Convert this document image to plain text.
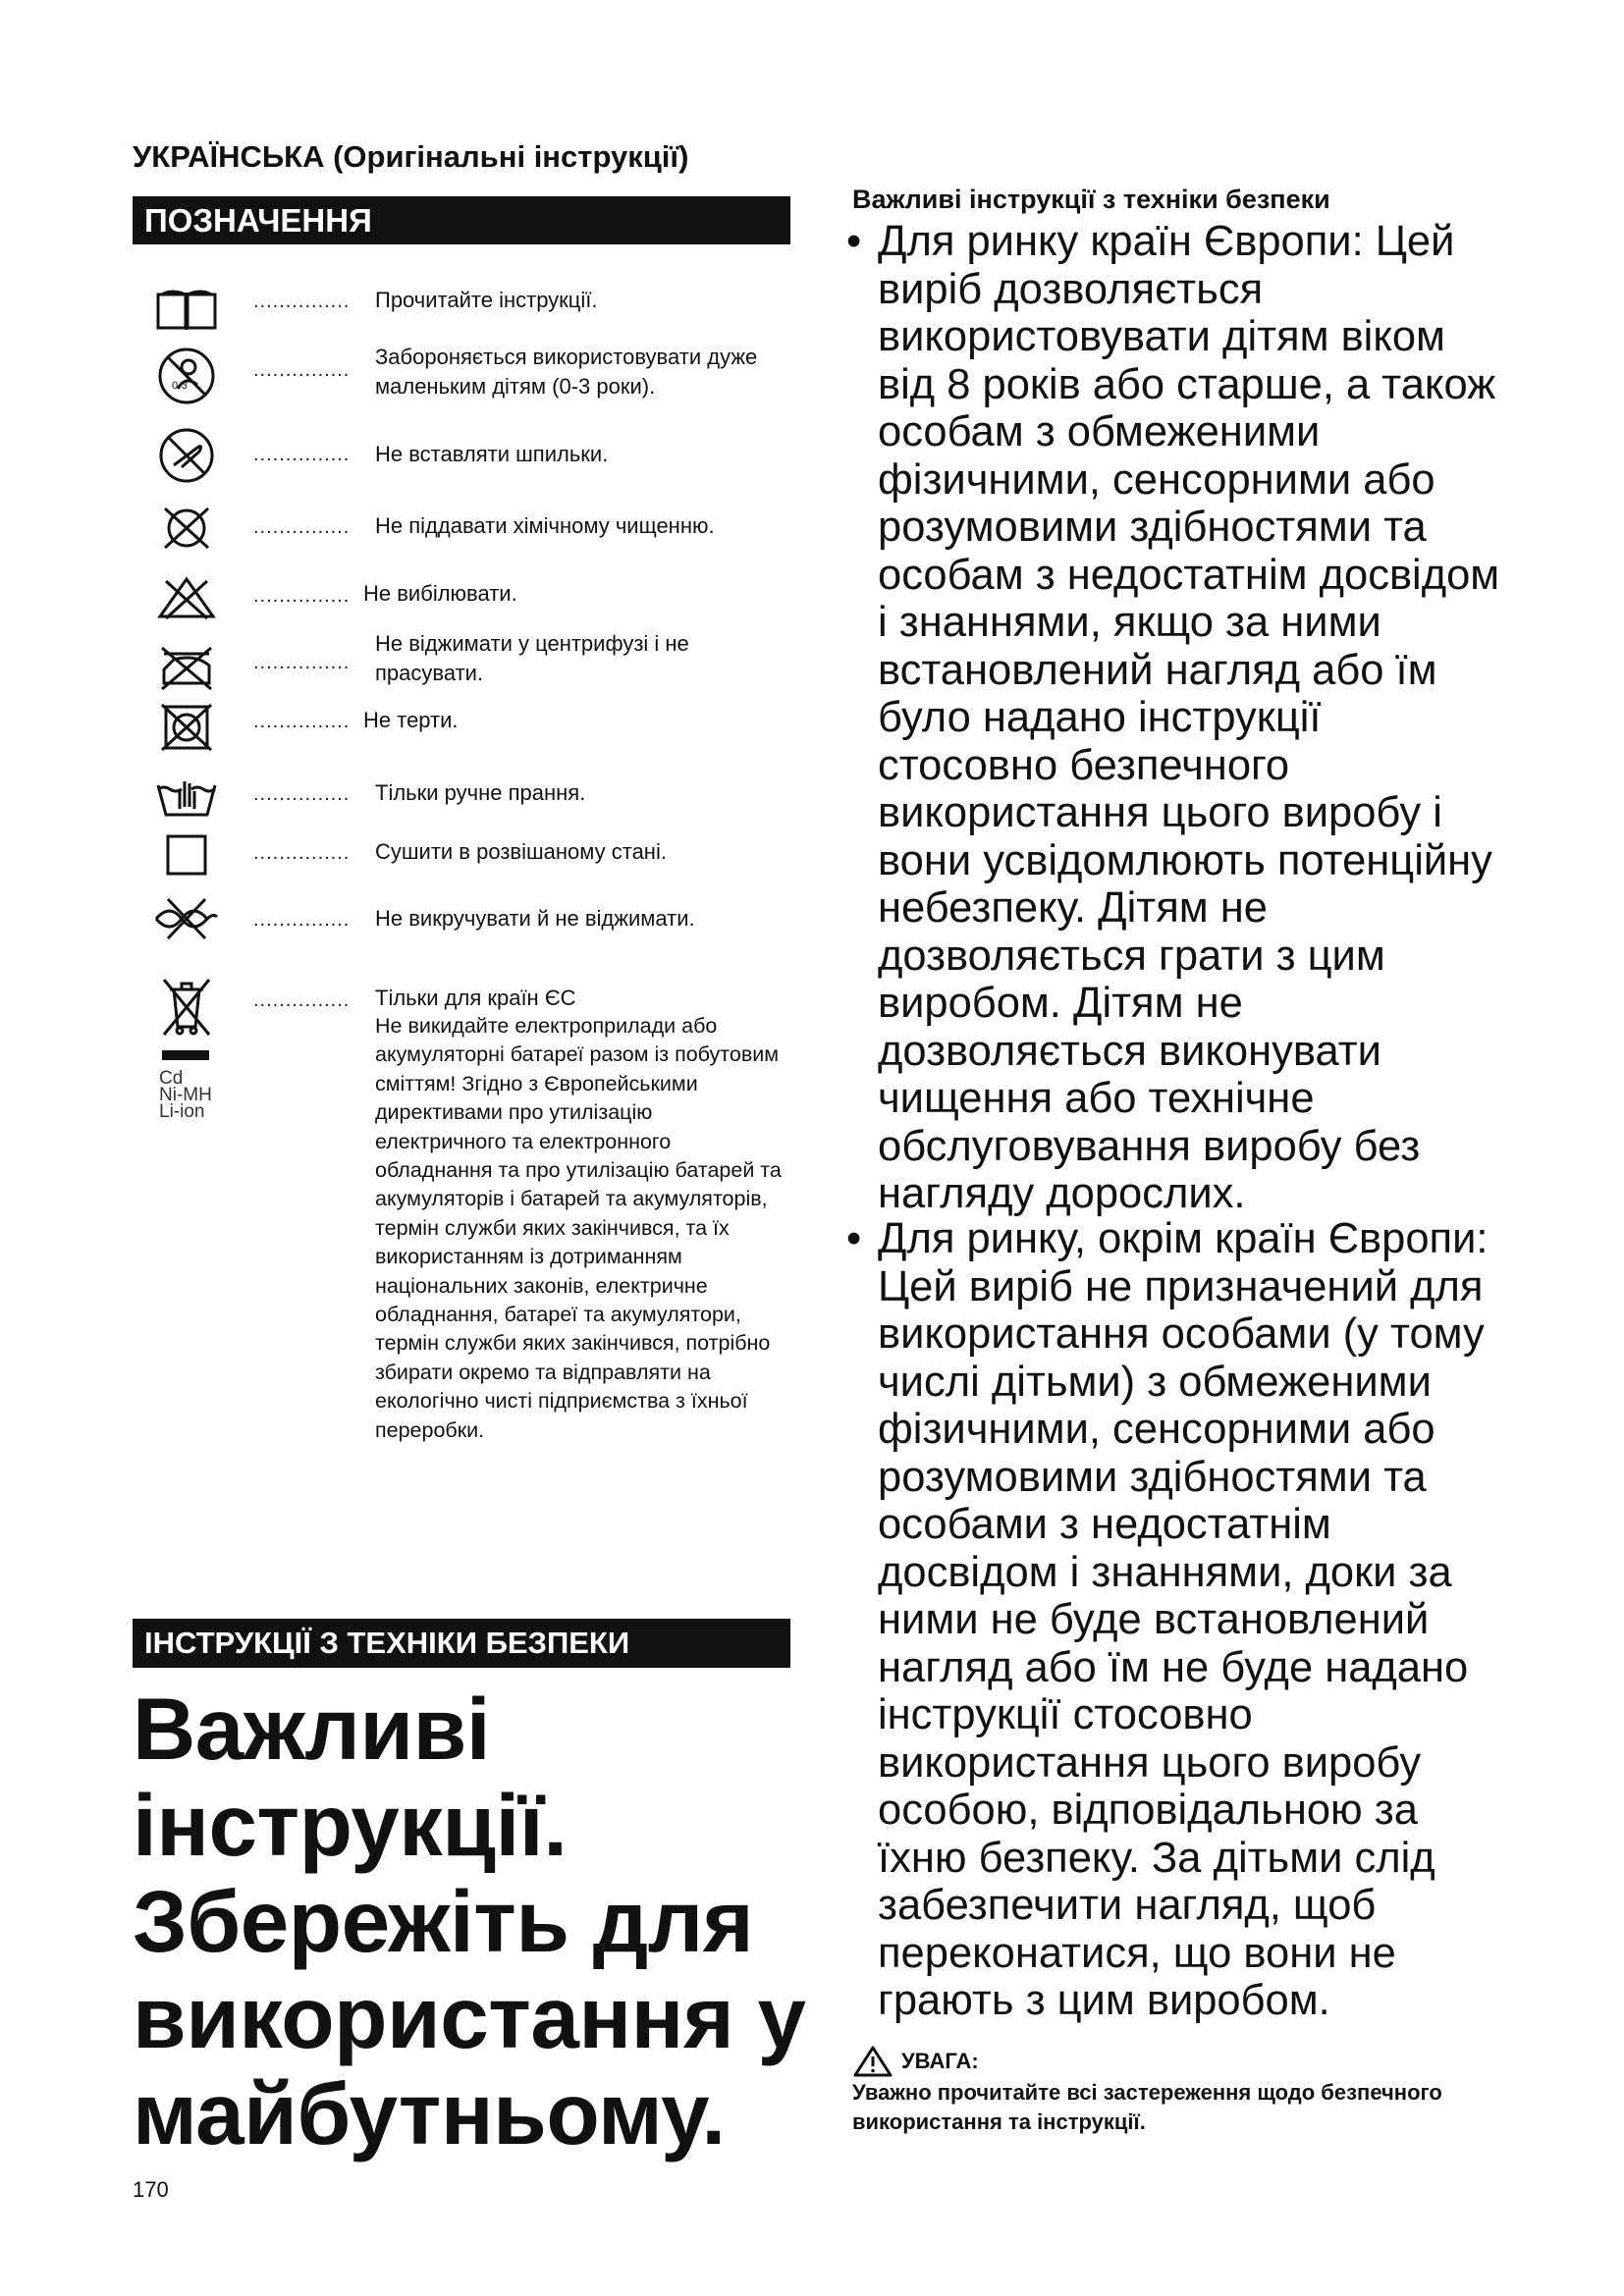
УКРАЇНСЬКА (Оригінальні інструкції)
ПОЗНАЧЕННЯ
............... Прочитайте інструкції.
0-3
...............
Забороняється використовувати дуже маленьким дітям (0-3 роки).
............... Не вставляти шпильки.
............... Не піддавати хімічному чищенню.
............... Не вибілювати.
...............
Не віджимати у центрифузі і не прасувати.
............... Не терти.
............... Тільки ручне прання.
............... Сушити в розвішаному стані.
............... Не викручувати й не віджимати.
Cd
Ni-MH
Li-ion
............... Тільки для країн ЄС
Не викидайте електроприлади або акумуляторні батареї разом із побутовим сміттям! Згідно з Європейськими директивами про утилізацію електричного та електронного обладнання та про утилізацію батарей та акумуляторів і батарей та акумуляторів, термін служби яких закінчився, та їх використанням із дотриманням національних законів, електричне обладнання, батареї та акумулятори, термін служби яких закінчився, потрібно збирати окремо та відправляти на екологічно чисті підприємства з їхньої переробки.
ІНСТРУКЦІЇ З ТЕХНІКИ БЕЗПЕКИ
Важливі інструкції. Збережіть для використання у майбутньому.
170
Важливі інструкції з техніки безпеки
• Для ринку країн Європи: Цей виріб дозволяється використовувати дітям віком від 8 років або старше, а також особам з обмеженими фізичними, сенсорними або розумовими здібностями та особам з недостатнім досвідом і знаннями, якщо за ними встановлений нагляд або їм було надано інструкції стосовно безпечного використання цього виробу і вони усвідомлюють потенційну небезпеку. Дітям не дозволяється грати з цим виробом. Дітям не дозволяється виконувати чищення або технічне обслуговування виробу без нагляду дорослих.
• Для ринку, окрім країн Європи: Цей виріб не призначений для використання особами (у тому числі дітьми) з обмеженими фізичними, сенсорними або розумовими здібностями та особами з недостатнім досвідом і знаннями, доки за ними не буде встановлений нагляд або їм не буде надано інструкції стосовно використання цього виробу особою, відповідальною за їхню безпеку. За дітьми слід забезпечити нагляд, щоб переконатися, що вони не грають з цим виробом.
УВАГА:
Уважно прочитайте всі застереження щодо безпечного використання та інструкції.
